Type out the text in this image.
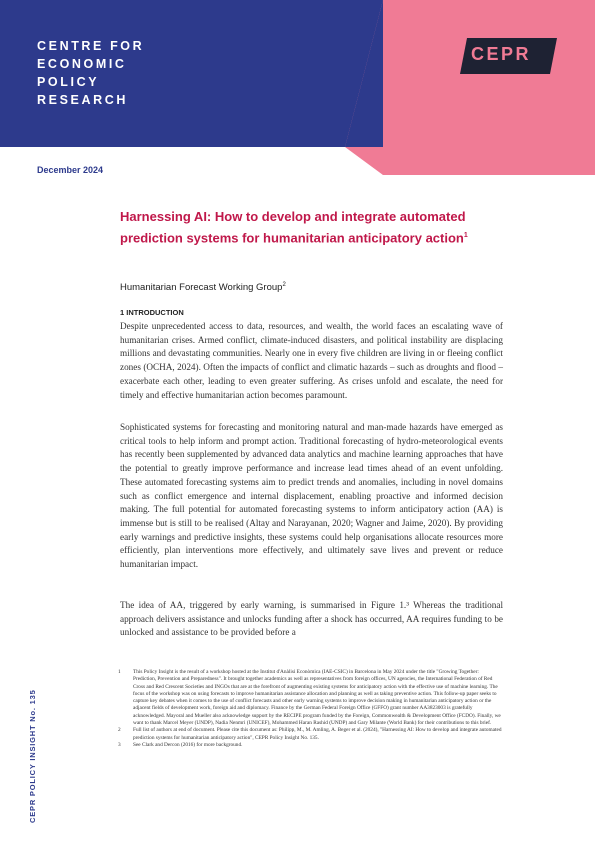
CENTRE FOR
ECONOMIC
POLICY
RESEARCH
CEPR
December 2024
Harnessing AI: How to develop and integrate automated prediction systems for humanitarian anticipatory action$^1$
Humanitarian Forecast Working Group$^2$
1 INTRODUCTION

Despite unprecedented access to data, resources, and wealth, the world faces an escalating wave of humanitarian crises. Armed conflict, climate-induced disasters, and political instability are displacing millions and devastating communities. Nearly one in every five children are living in or fleeing conflict zones (OCHA, 2024). Often the impacts of conflict and climatic hazards – such as droughts and flood – exacerbate each other, leading to even greater suffering. As crises unfold and escalate, the need for timely and effective humanitarian action becomes paramount.

Sophisticated systems for forecasting and monitoring natural and man-made hazards have emerged as critical tools to help inform and prompt action. Traditional forecasting of hydro-meteorological events has recently been supplemented by advanced data analytics and machine learning approaches that have the potential to greatly improve performance and increase lead times ahead of an event unfolding. These automated forecasting systems aim to predict trends and anomalies, including in novel domains such as conflict emergence and internal displacement, enabling proactive and informed decision making. The full potential for automated forecasting systems to inform anticipatory action (AA) is immense but is still to be realised (Altay and Narayanan, 2020; Wagner and Jaime, 2020). By providing early warnings and predictive insights, these systems could help organisations allocate resources more efficiently, plan interventions more effectively, and ultimately save lives and prevent or reduce humanitarian impact.

The idea of AA, triggered by early warning, is summarised in Figure 1.³ Whereas the traditional approach delivers assistance and unlocks funding after a shock has occurred, AA requires funding to be unlocked and assistance to be provided before a

CEPR POLICY INSIGHT No. 135
1 This Policy Insight is the result of a workshop hosted at the Institut d'Anàlisi Econòmica (IAE-CSIC) in Barcelona in May 2024 under the title "Growing Together: Prediction, Prevention and Preparedness". It brought together academics as well as representatives from foreign offices, UN agencies, the International Federation of Red Cross and Red Crescent Societies and INGOs that are at the forefront of augmenting existing systems for anticipatory action with the effective use of machine learning. The focus of the workshop was on using forecasts to improve humanitarian assistance allocation and planning as well as taking preventive action. This follow-up paper seeks to capture key debates when it comes to the use of conflict forecasts and other early warning systems to improve decision making in humanitarian anticipatory action or the adjacent fields of development work, foreign aid and diplomacy. Finance by the German Federal Foreign Office (GFFO) grant number AA3823003 is gratefully acknowledged. Mayoral and Mueller also acknowledge support by the RECIPE program funded by the Foreign, Commonwealth & Development Office (FCDO). Finally, we want to thank Marcel Meyer (UNDP), Nadia Nenmri (UNICEF), Mohammed Haran Rashid (UNDP) and Gary Milante (World Bank) for their contributions to this brief.
2 Full list of authors at end of document. Please cite this document as: Philipp, M., M. Amling, A. Beger et al. (2024), "Harnessing AI: How to develop and integrate automated prediction systems for humanitarian anticipatory action", CEPR Policy Insight No. 135.
3 See Clark and Dercon (2016) for more background.
